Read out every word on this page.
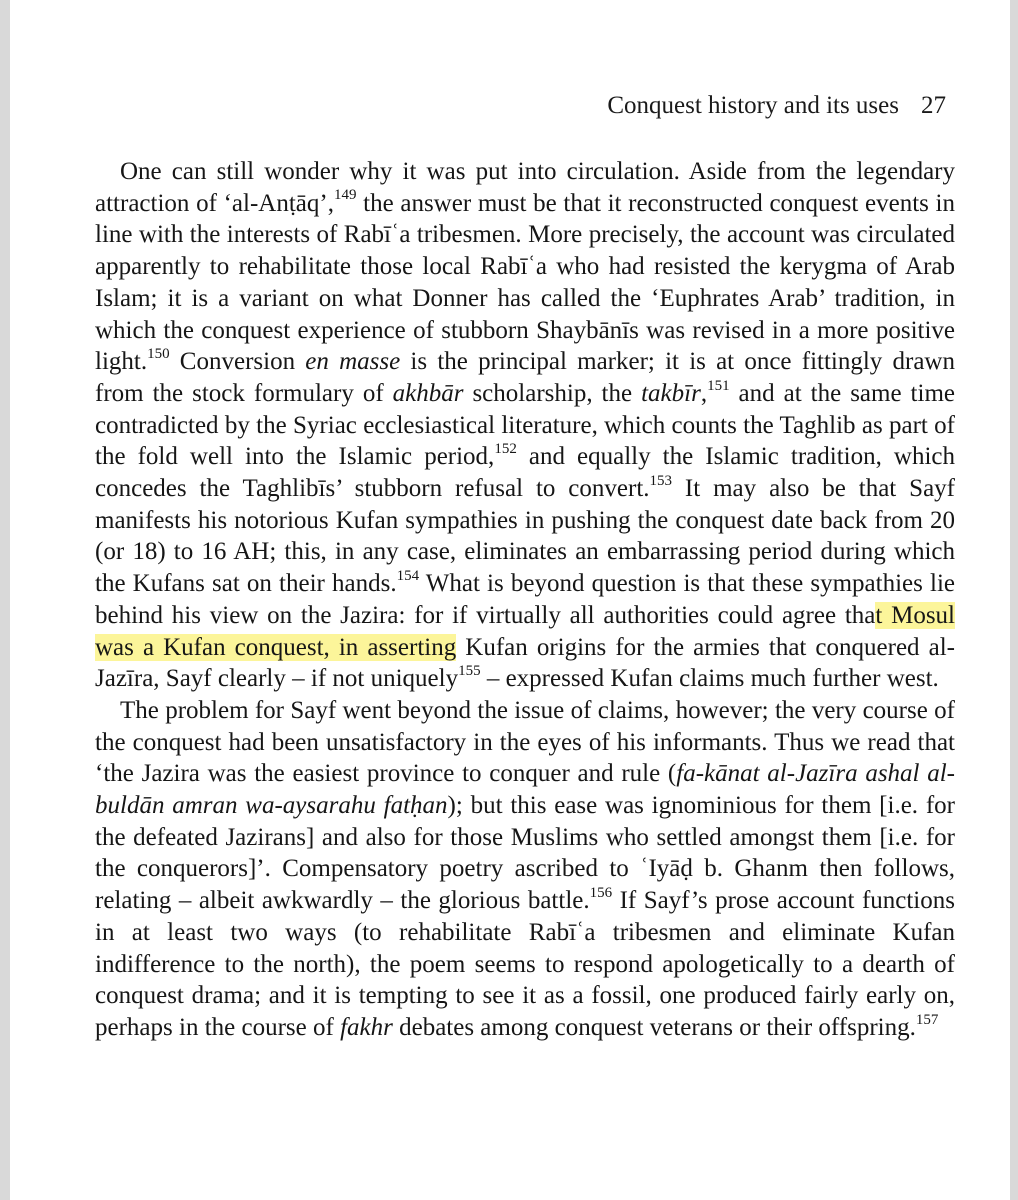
Conquest history and its uses 27

One can still wonder why it was put into circulation. Aside from the legendary attraction of ‘al-Anṭāq’,$^{149}$ the answer must be that it reconstructed conquest events in line with the interests of Rabīʿa tribesmen. More precisely, the account was circulated apparently to rehabilitate those local Rabīʿa who had resisted the kerygma of Arab Islam; it is a variant on what Donner has called the ‘Euphrates Arab’ tradition, in which the conquest experience of stubborn Shaybānīs was revised in a more positive light.$^{150}$ Conversion en masse is the principal marker; it is at once fittingly drawn from the stock formulary of akhbār scholarship, the takbīr,$^{151}$ and at the same time contradicted by the Syriac ecclesiastical literature, which counts the Taghlib as part of the fold well into the Islamic period,$^{152}$ and equally the Islamic tradition, which concedes the Taghlibīs’ stubborn refusal to convert.$^{153}$ It may also be that Sayf manifests his notorious Kufan sympathies in pushing the conquest date back from 20 (or 18) to 16 AH; this, in any case, eliminates an embarrassing period during which the Kufans sat on their hands.$^{154}$ What is beyond question is that these sympathies lie behind his view on the Jazira: for if virtually all authorities could agree that Mosul was a Kufan conquest, in asserting Kufan origins for the armies that conquered al-Jazīra, Sayf clearly – if not uniquely$^{155}$ – expressed Kufan claims much further west.

The problem for Sayf went beyond the issue of claims, however; the very course of the conquest had been unsatisfactory in the eyes of his informants. Thus we read that ‘the Jazira was the easiest province to conquer and rule (fa-kānat al-Jazīra ashal al-buldān amran wa-aysarahu fatḥan); but this ease was ignominious for them [i.e. for the defeated Jazirans] and also for those Muslims who settled amongst them [i.e. for the conquerors]’. Compensatory poetry ascribed to ʿIyāḍ b. Ghanm then follows, relating – albeit awkwardly – the glorious battle.$^{156}$ If Sayf’s prose account functions in at least two ways (to rehabilitate Rabīʿa tribesmen and eliminate Kufan indifference to the north), the poem seems to respond apologetically to a dearth of conquest drama; and it is tempting to see it as a fossil, one produced fairly early on, perhaps in the course of fakhr debates among conquest veterans or their offspring.$^{157}$
